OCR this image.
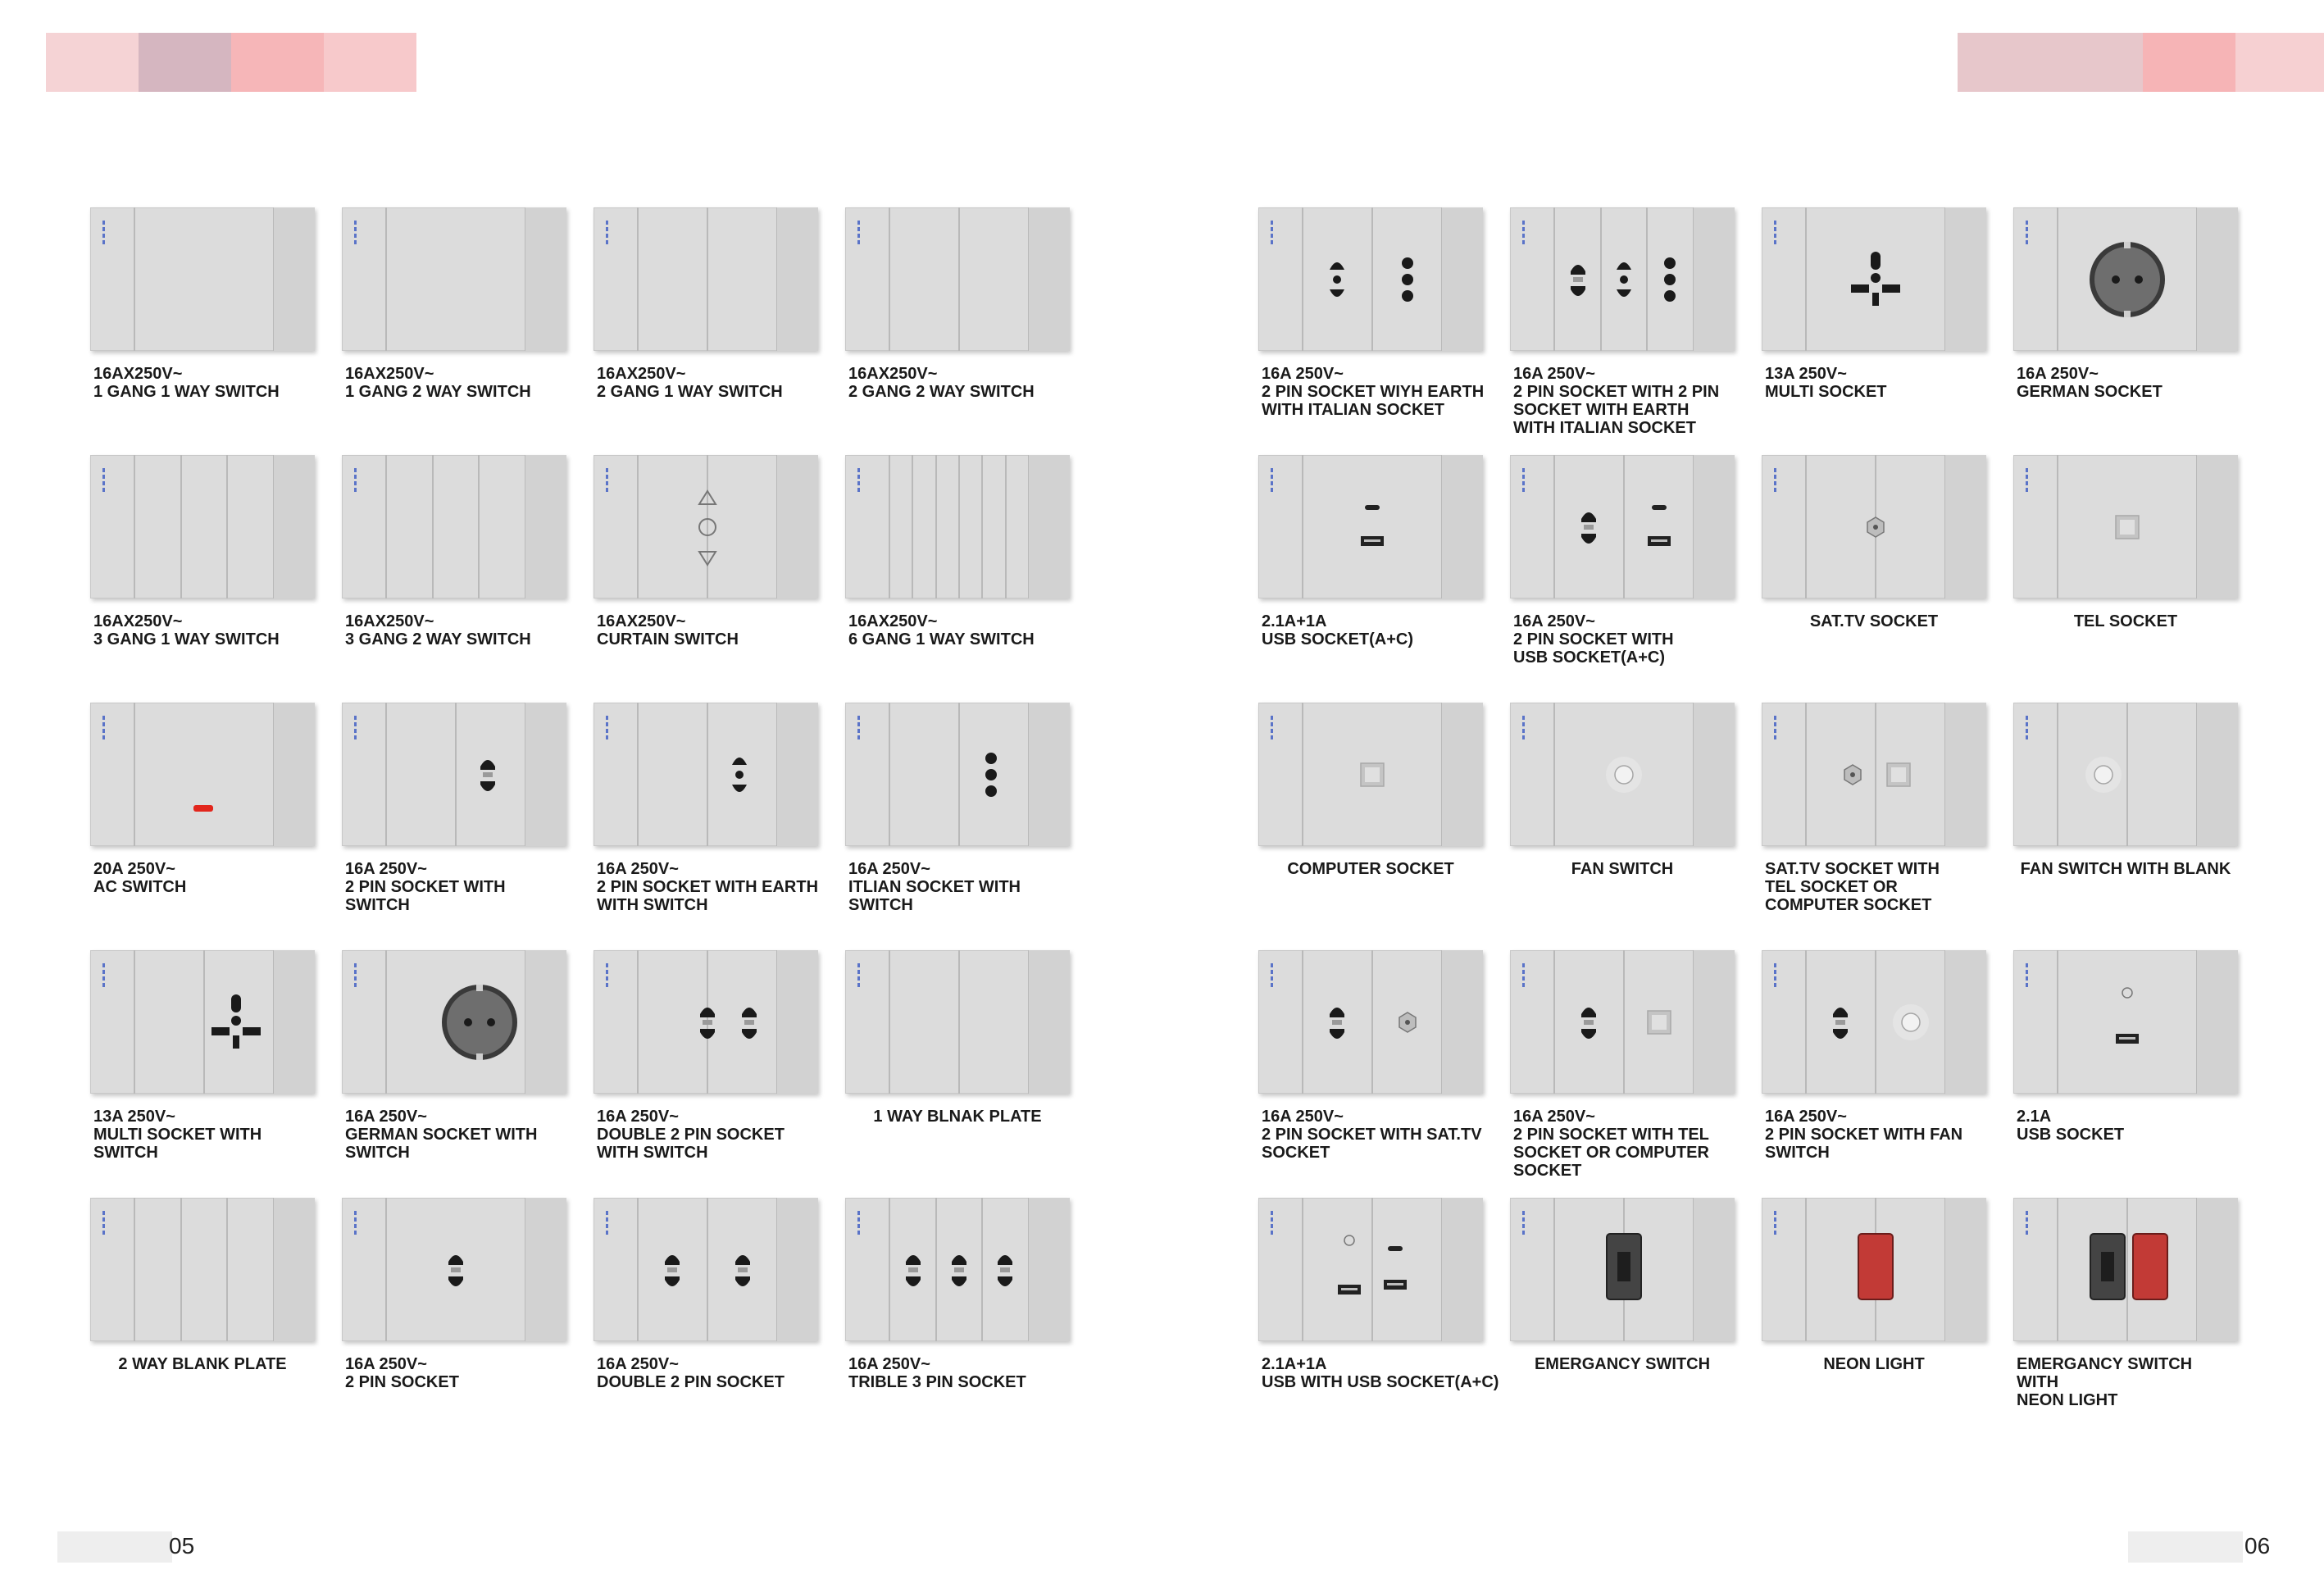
16AX250V~
1 GANG 1 WAY SWITCH
16AX250V~
1 GANG 2 WAY SWITCH
16AX250V~
2 GANG 1 WAY SWITCH
16AX250V~
2 GANG 2 WAY SWITCH
16AX250V~
3 GANG 1 WAY SWITCH
16AX250V~
3 GANG 2 WAY SWITCH
16AX250V~
CURTAIN SWITCH
16AX250V~
6 GANG 1 WAY SWITCH
20A 250V~
AC SWITCH
16A 250V~
2 PIN SOCKET WITH
SWITCH
16A 250V~
2 PIN SOCKET WITH EARTH
WITH SWITCH
16A 250V~
ITLIAN SOCKET WITH
SWITCH
13A 250V~
MULTI SOCKET WITH
SWITCH
16A 250V~
GERMAN SOCKET WITH
SWITCH
16A 250V~
DOUBLE 2 PIN SOCKET
WITH SWITCH
1 WAY BLNAK PLATE
2 WAY BLANK PLATE	16A 250V~
2 PIN SOCKET
16A 250V~
DOUBLE 2 PIN SOCKET
16A 250V~
TRIBLE 3 PIN SOCKET
16A 250V~
2 PIN SOCKET WIYH EARTH
WITH ITALIAN SOCKET
16A 250V~
2 PIN SOCKET WITH 2 PIN
SOCKET WITH EARTH
WITH ITALIAN SOCKET
13A 250V~
MULTI SOCKET
16A 250V~
GERMAN SOCKET
2.1A+1A
USB SOCKET(A+C)
16A 250V~
2 PIN SOCKET WITH
USB SOCKET(A+C)
SAT.TV SOCKET	TEL SOCKET
COMPUTER SOCKET	FAN SWITCH	SAT.TV SOCKET WITH
TEL SOCKET OR
COMPUTER SOCKET
FAN SWITCH WITH BLANK
16A 250V~
2 PIN SOCKET WITH SAT.TV
SOCKET
16A 250V~
2 PIN SOCKET WITH TEL
SOCKET OR COMPUTER
SOCKET
16A 250V~
2 PIN SOCKET WITH FAN
SWITCH
2.1A
USB SOCKET
2.1A+1A
USB WITH USB SOCKET(A+C)
EMERGANCY SWITCH	NEON LIGHT	EMERGANCY SWITCH
WITH
NEON LIGHT
05	06
